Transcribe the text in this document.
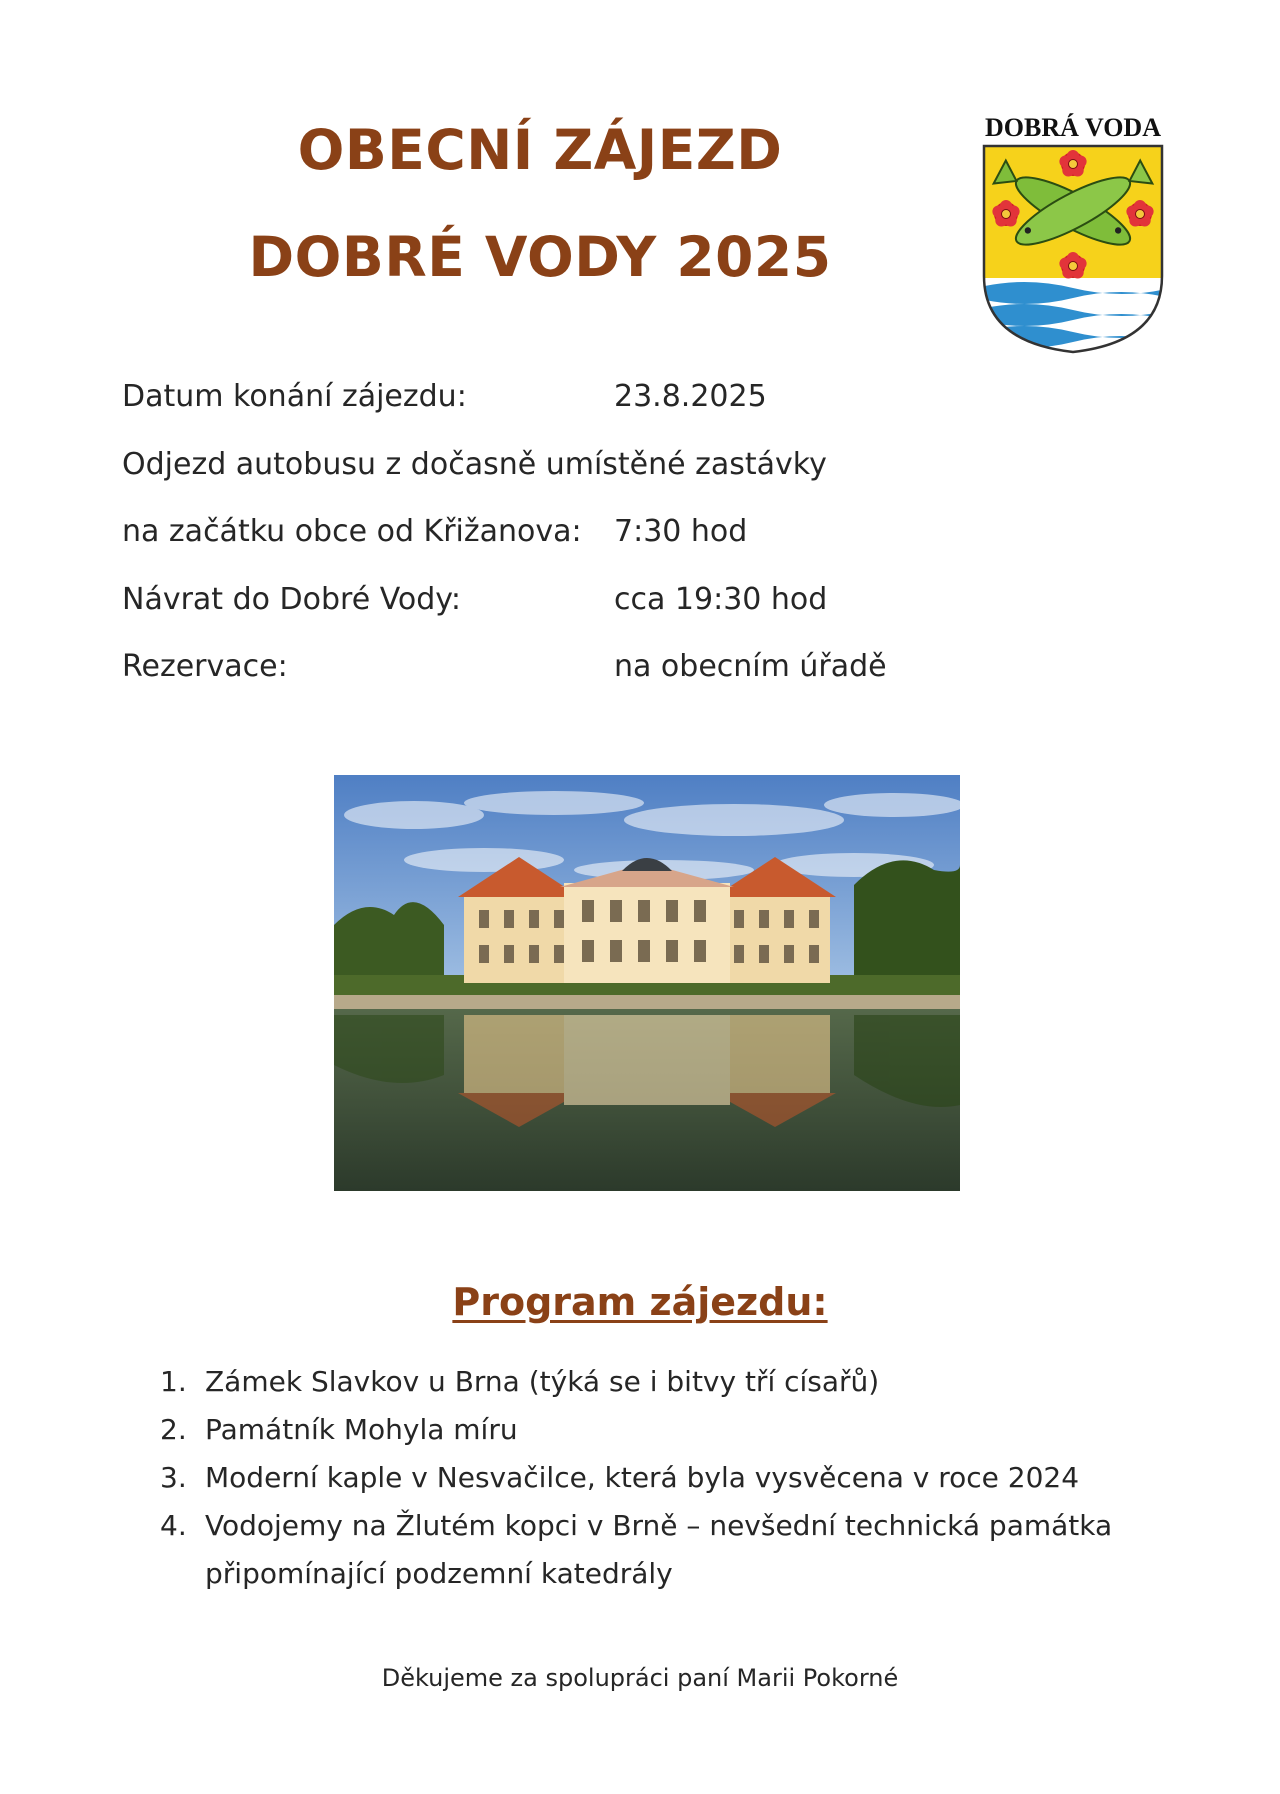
OBECNÍ ZÁJEZD
DOBRÉ VODY 2025
DOBRÁ VODA
Datum konání zájezdu:	23.8.2025
Odjezd autobusu z dočasně umístěné zastávky
na začátku obce od Křižanova: 7:30 hod
Návrat do Dobré Vody:	cca 19:30 hod
Rezervace:	na obecním úřadě
Program zájezdu:
1. Zámek Slavkov u Brna (týká se i bitvy tří císařů)
2. Památník Mohyla míru
3. Moderní kaple v Nesvačilce, která byla vysvěcena v roce 2024
4. Vodojemy na Žlutém kopci v Brně – nevšední technická památka připomínající podzemní katedrály
Děkujeme za spolupráci paní Marii Pokorné
